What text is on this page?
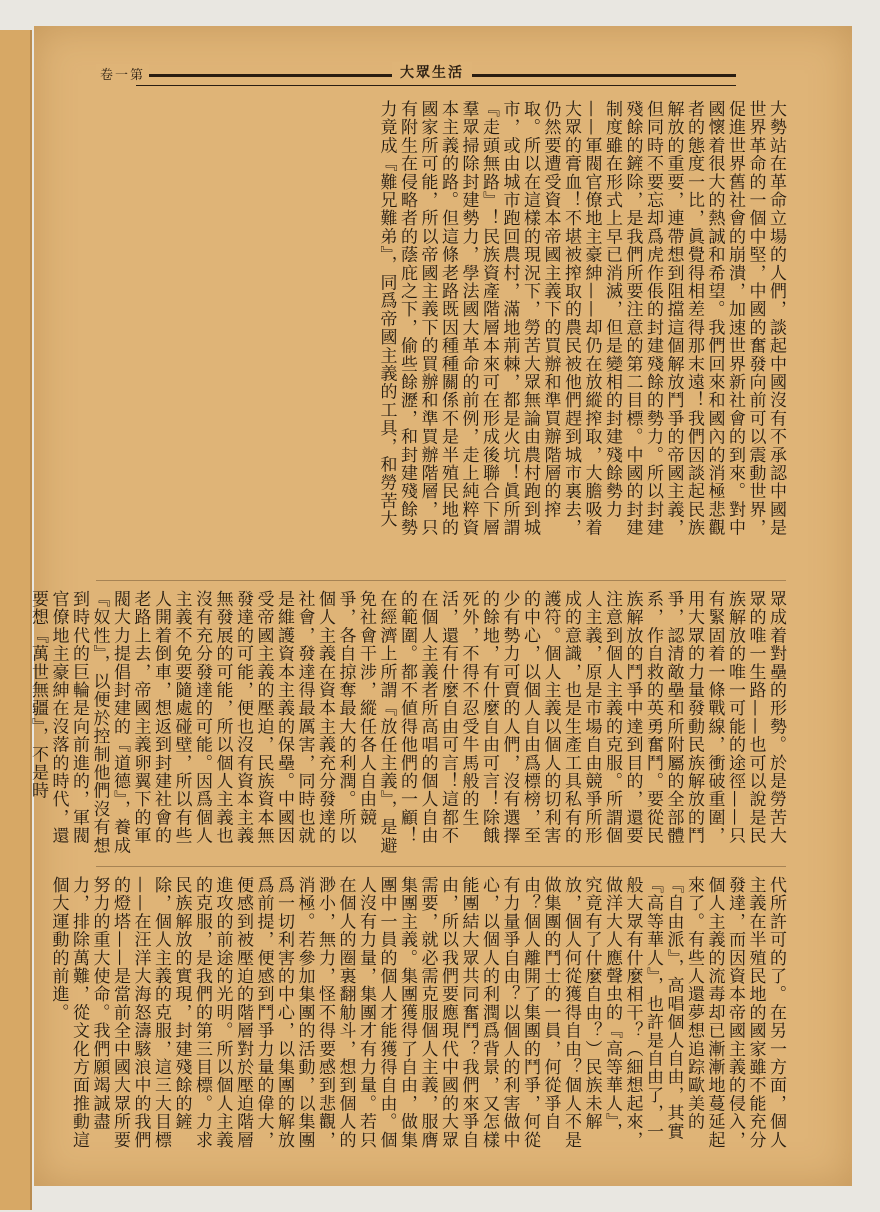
大眾生活
卷一第
大勢站在革命立場的人們，談起中國沒有不承認中國是世界革命的一個中堅，中國的奮發向前可以震動世界，促進世界舊社會的崩潰，加速世界新社會的到來。對中國懷着很大的熱誠和希望。我們回來和國內的消極悲觀者的態度一比，眞覺得相差得那末遠！我們因談起民族解放的重要，連帶想到阻擋這個解放鬥爭的帝國主義，但同時不要忘却爲虎作倀的封建殘餘的勢力。所以封建殘餘的鏟除，是我們所要注意的第二目標。中國的封建制度雖在形式上早已消滅，但是變相的封建殘餘勢力——軍閥官僚地主豪紳——却仍在放縱搾取，大膽吸着大眾的膏血！不堪被搾取的農民被他們趕到城市裏去，仍然要遭受資本帝國主義下的買辦和準買辦階層的搾取。所以在這樣的現況下，勞苦大眾無論由農村跑到城市，或由城市跑回農村，滿地荊棘，都是火坑！眞所謂『走頭無路』！民族資產階層本來可在形成後聯合下層羣眾掃除封建勢力，學法國大革命的前例，走上純粹資本主義的路。但這條老路既因種種關係不是半殖民地的國家所可能，所以帝國主義下的買辦和準買辦階層，只有附生在侵略者的蔭庇之下，偷些餘瀝，和封建殘餘勢力竟成『難兄難弟』，同爲帝國主義的工具，和勞苦大
眾成着對壘的形勢。於是勞苦大眾的唯一生路——也可以說是民族解放的唯一可能的途徑——只有緊固着一條戰線，衝破重圍，用大眾的力量發動民族解放的鬥爭，認清敵壘和所附屬的全部體系，作自救的英勇奮鬥。要從民族解放的鬥爭中達到目的，還要注意到個人主義的克服。所謂個人主義，原是市場自由競爭所形成的意識，也是生產工具私有的護符。個人主義以個人的切利害的中心，以個人自由爲標榜，至少有勢力可賣的人們，沒有選擇的餘地，有什麼自由可言！除餓死外，不得不忍受牛馬般的生活，還有什麼自由可言！這都不在個人主義者所高唱的個人自由的範圍。都不値得他們的一顧！在經濟上所謂『放任主義』，是避免社會干涉，縱任各人自由競爭，各自掠奪最大的利潤。所以個人主義在資本主義充分發達的社會，發達得最厲害，同時也就是維護資本主義的保壘。中國因受帝國主義的壓迫，民族資本無發達的可能，便也沒有資本主義無發展的可能，所以個人主義也沒有充分發達的可能。因爲個人主義不免要隨處碰壁，所以有些人開着倒車，想返到封建社會的老路上去，帝國主義卵翼下的軍閥大力提倡封建的『道德』，養成『奴性』，以便於控制他們沒有想到時代的巨輪是向前進的，軍閥官僚地主豪紳在沒落的時代，還要想『萬世無疆』，不是時
代所許可的了。在另一方面，個人主義在半殖民地的國家雖不能充分發達，而因資本帝國主義的侵入，個人主義的流毒却已漸漸地蔓延起來了。有些人還夢想追踪歐美的『自由派』，高唱個人自由，其實『高等華人』，也許是自由了，一般大眾有什麼相干？（細想起來，做洋大人應聲虫的『高等華人』，究竟有了什麼自由？）民族未解放，個人何從獲得自由？個人不是做集團的鬥士的一員，何從爭自由？個人離開了集團的鬥爭，何從有力量爭自由？以個人的利害做中心，以個人的利潤爲背景，又怎樣能團結大眾共同奮鬥？我們來爭自由，所以我們要應現代中國的大眾需要，就必需克服個人主義，服膺集團主義。集團獲得了自由，做集團中一員的個人才能獲得自由。個人沒有力量，集團才有力量。若只在個人的圈裏翻觔斗，想到個人的渺小，無力，怪不得要感到悲觀，消極。若參加集團的活動，以集團爲一切利害的中心，以集團的解放爲前提，便感到鬥爭力量的偉大，便感到被壓迫的階層對於壓迫階層進攻的前途的光明。所以個人主義的克服，是我們的第三目標。力求民族解放的實現，封建殘餘的鏟除，個人主義的克服，這三大目標——在汪洋大海怒濤駭浪中的我們的燈塔——是當前全中國大眾所要努力的重大使命。我們願竭誠盡力，排除萬難，從文化方面推動這個大運動的前進。
